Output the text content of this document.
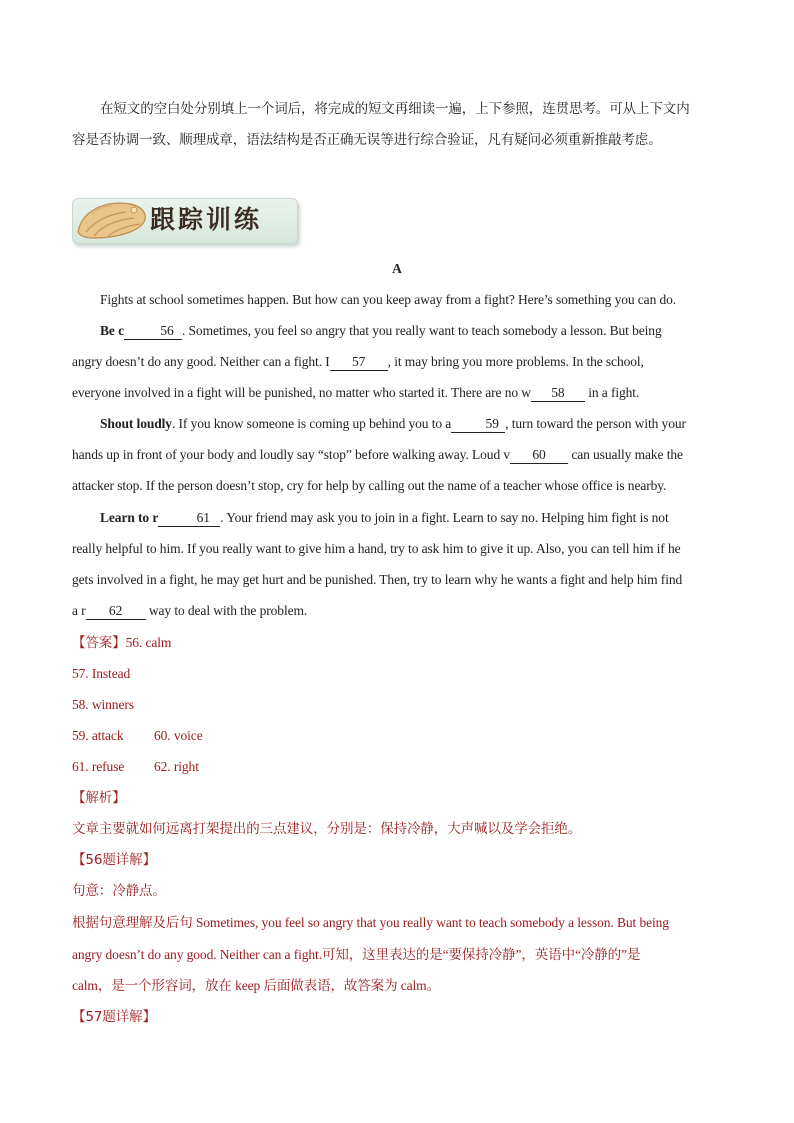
在短文的空白处分别填上一个词后，将完成的短文再细读一遍，上下参照，连贯思考。可从上下文内

容是否协调一致、顺理成章，语法结构是否正确无误等进行综合验证，凡有疑问必须重新推敲考虑。

跟踪训练
A

Fights at school sometimes happen. But how can you keep away from a fight? Here’s something you can do.

Be c	56 . Sometimes, you feel so angry that you really want to teach somebody a lesson. But being

angry doesn’t do any good. Neither can a fight. I 57 , it may bring you more problems. In the school,

everyone involved in a fight will be punished, no matter who started it. There are no w 58 in a fight.

Shout loudly. If you know someone is coming up behind you to a	59 , turn toward the person with your

hands up in front of your body and loudly say “stop” before walking away. Loud v 60 can usually make the

attacker stop. If the person doesn’t stop, cry for help by calling out the name of a teacher whose office is nearby.

Learn to r	61 . Your friend may ask you to join in a fight. Learn to say no. Helping him fight is not

really helpful to him. If you really want to give him a hand, try to ask him to give it up. Also, you can tell him if he

gets involved in a fight, he may get hurt and be punished. Then, try to learn why he wants a fight and help him find

a r 62 way to deal with the problem.

【答案】56. calm

57. Instead

58. winners

59. attack 60. voice

61. refuse 62. right

【解析】

文章主要就如何远离打架提出的三点建议，分别是：保持冷静，大声喊以及学会拒绝。

【56题详解】

句意：冷静点。

根据句意理解及后句 Sometimes, you feel so angry that you really want to teach somebody a lesson. But being

angry doesn’t do any good. Neither can a fight.可知，这里表达的是“要保持冷静”，英语中“冷静的”是

calm，是一个形容词，放在 keep 后面做表语，故答案为 calm。

【57题详解】
